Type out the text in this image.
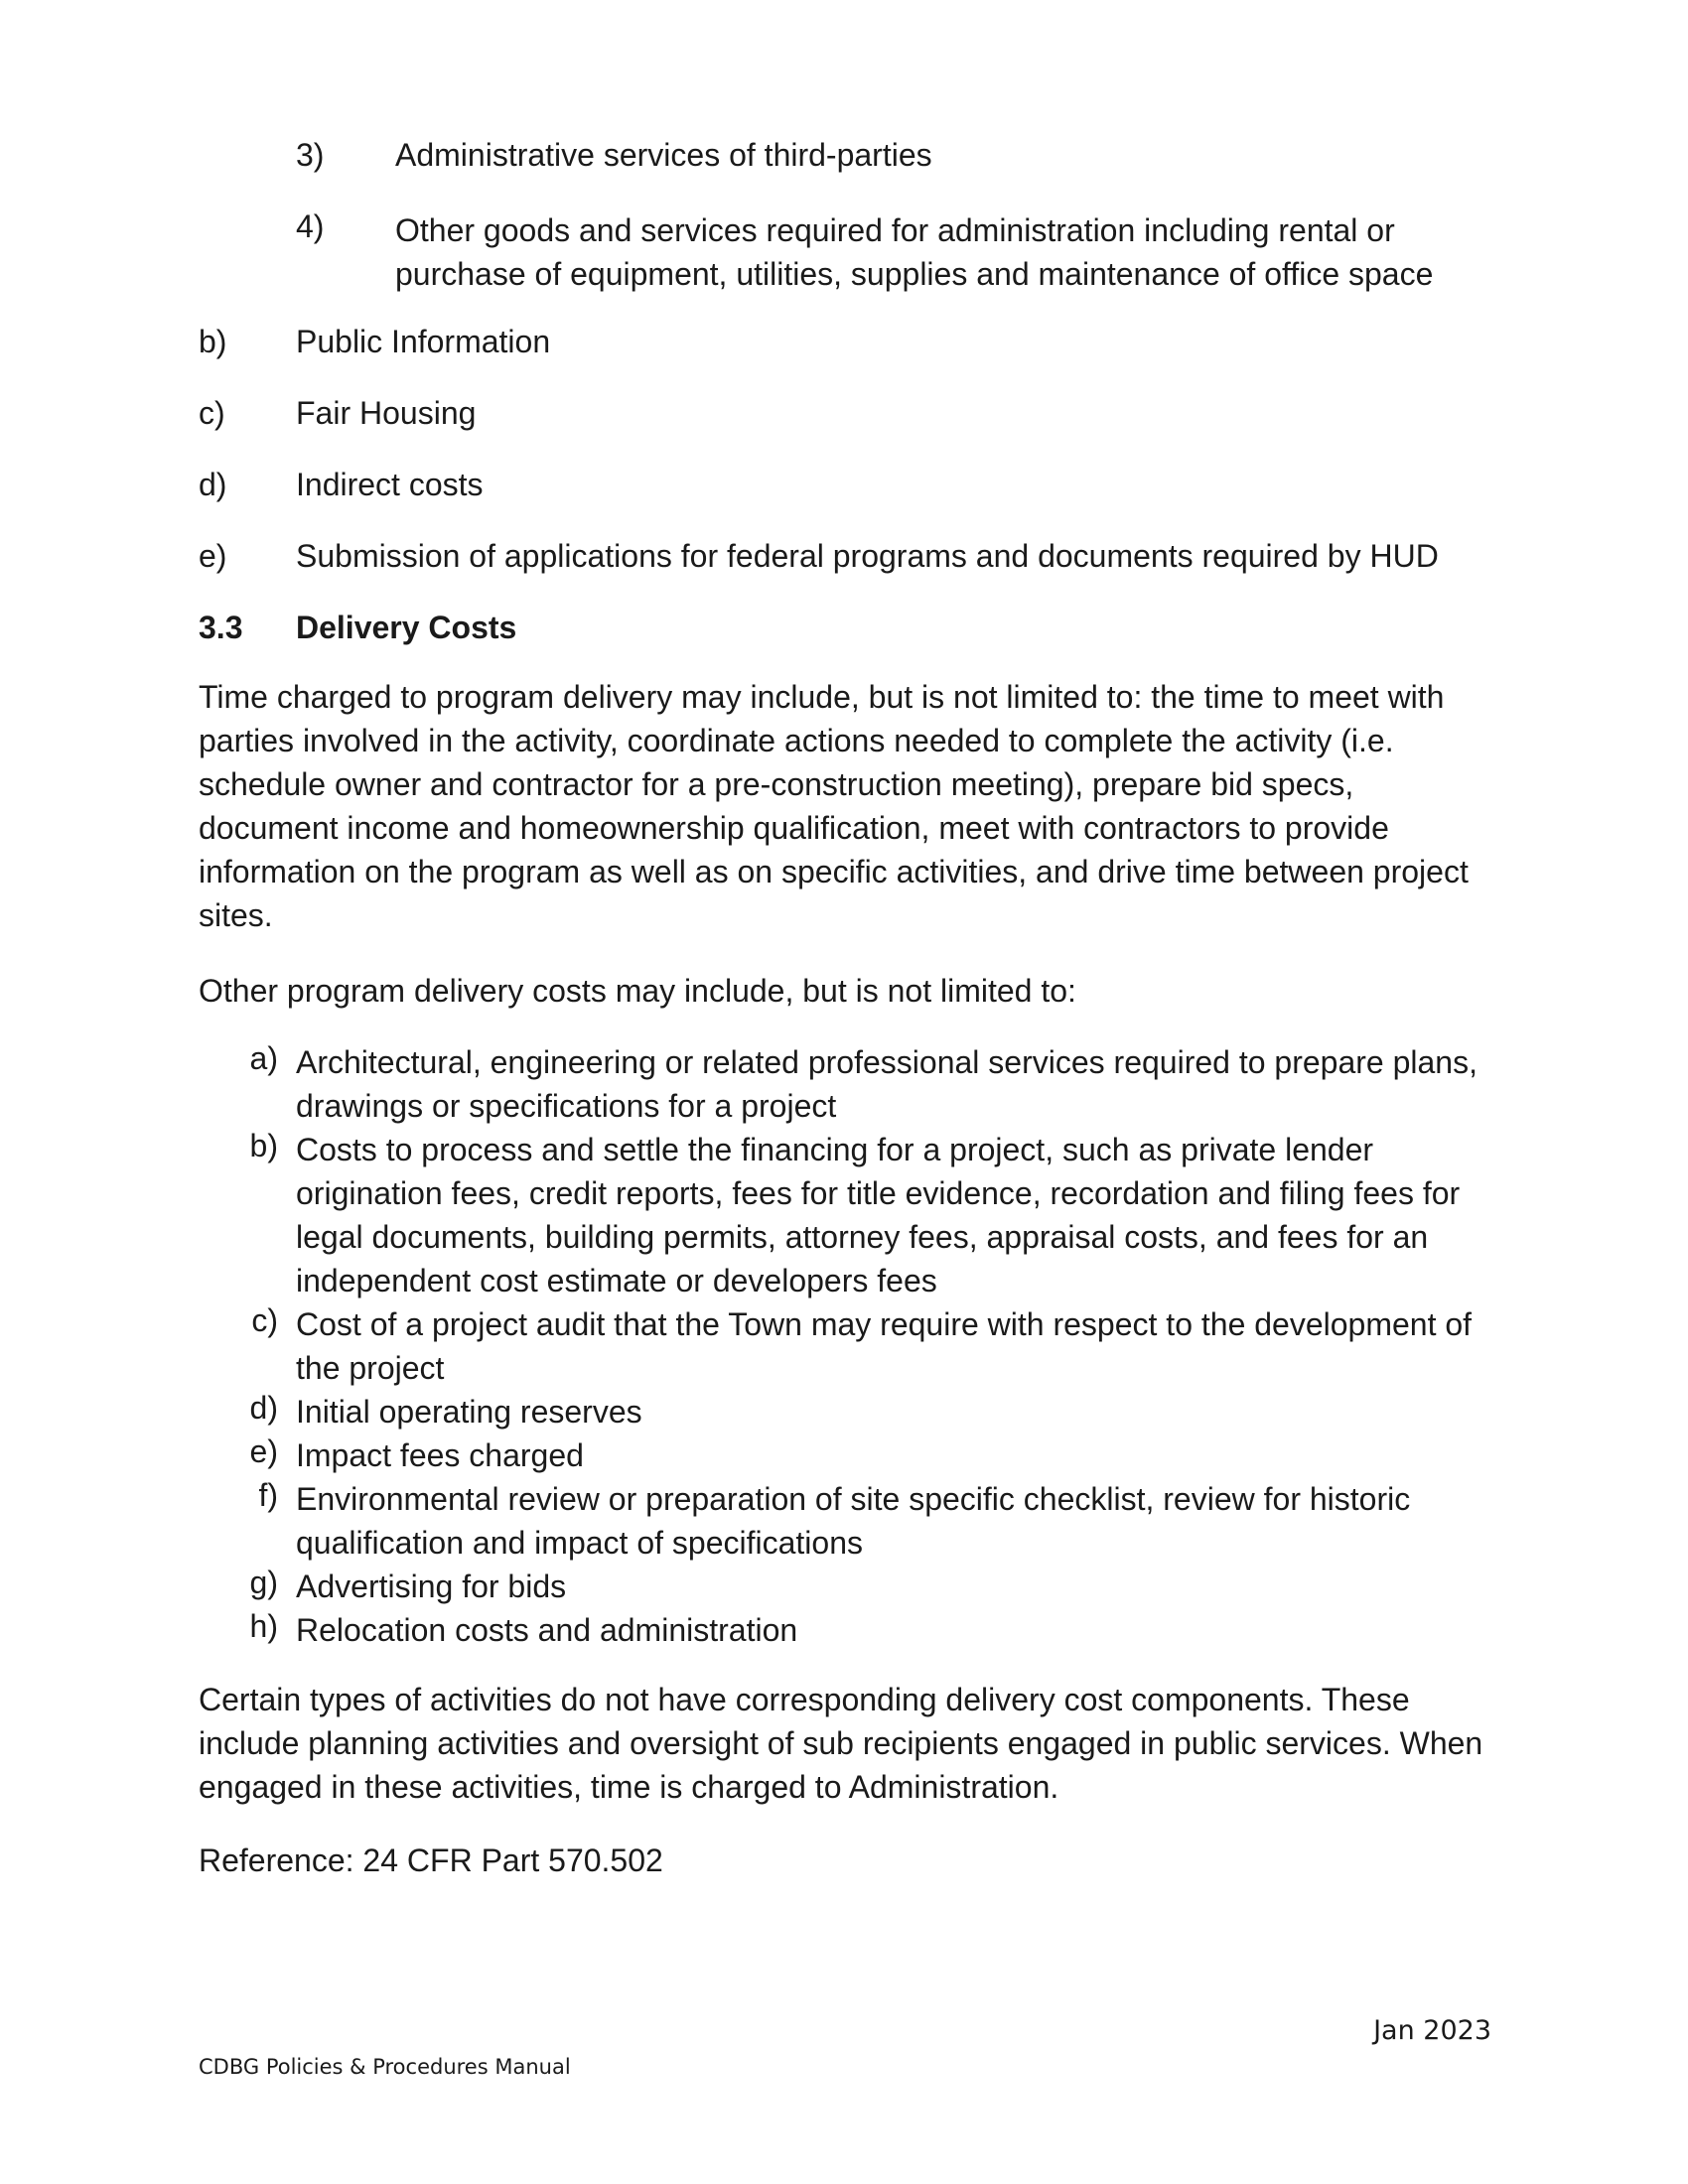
3) Administrative services of third-parties
4) Other goods and services required for administration including rental or purchase of equipment, utilities, supplies and maintenance of office space
b) Public Information
c) Fair Housing
d) Indirect costs
e) Submission of applications for federal programs and documents required by HUD
3.3 Delivery Costs

Time charged to program delivery may include, but is not limited to: the time to meet with parties involved in the activity, coordinate actions needed to complete the activity (i.e. schedule owner and contractor for a pre-construction meeting), prepare bid specs, document income and homeownership qualification, meet with contractors to provide information on the program as well as on specific activities, and drive time between project sites.

Other program delivery costs may include, but is not limited to:

a) Architectural, engineering or related professional services required to prepare plans, drawings or specifications for a project
b) Costs to process and settle the financing for a project, such as private lender origination fees, credit reports, fees for title evidence, recordation and filing fees for legal documents, building permits, attorney fees, appraisal costs, and fees for an independent cost estimate or developers fees
c) Cost of a project audit that the Town may require with respect to the development of the project
d) Initial operating reserves
e) Impact fees charged
f) Environmental review or preparation of site specific checklist, review for historic qualification and impact of specifications
g) Advertising for bids
h) Relocation costs and administration

Certain types of activities do not have corresponding delivery cost components. These include planning activities and oversight of sub recipients engaged in public services. When engaged in these activities, time is charged to Administration.

Reference: 24 CFR Part 570.502

Jan 2023
CDBG Policies & Procedures Manual
